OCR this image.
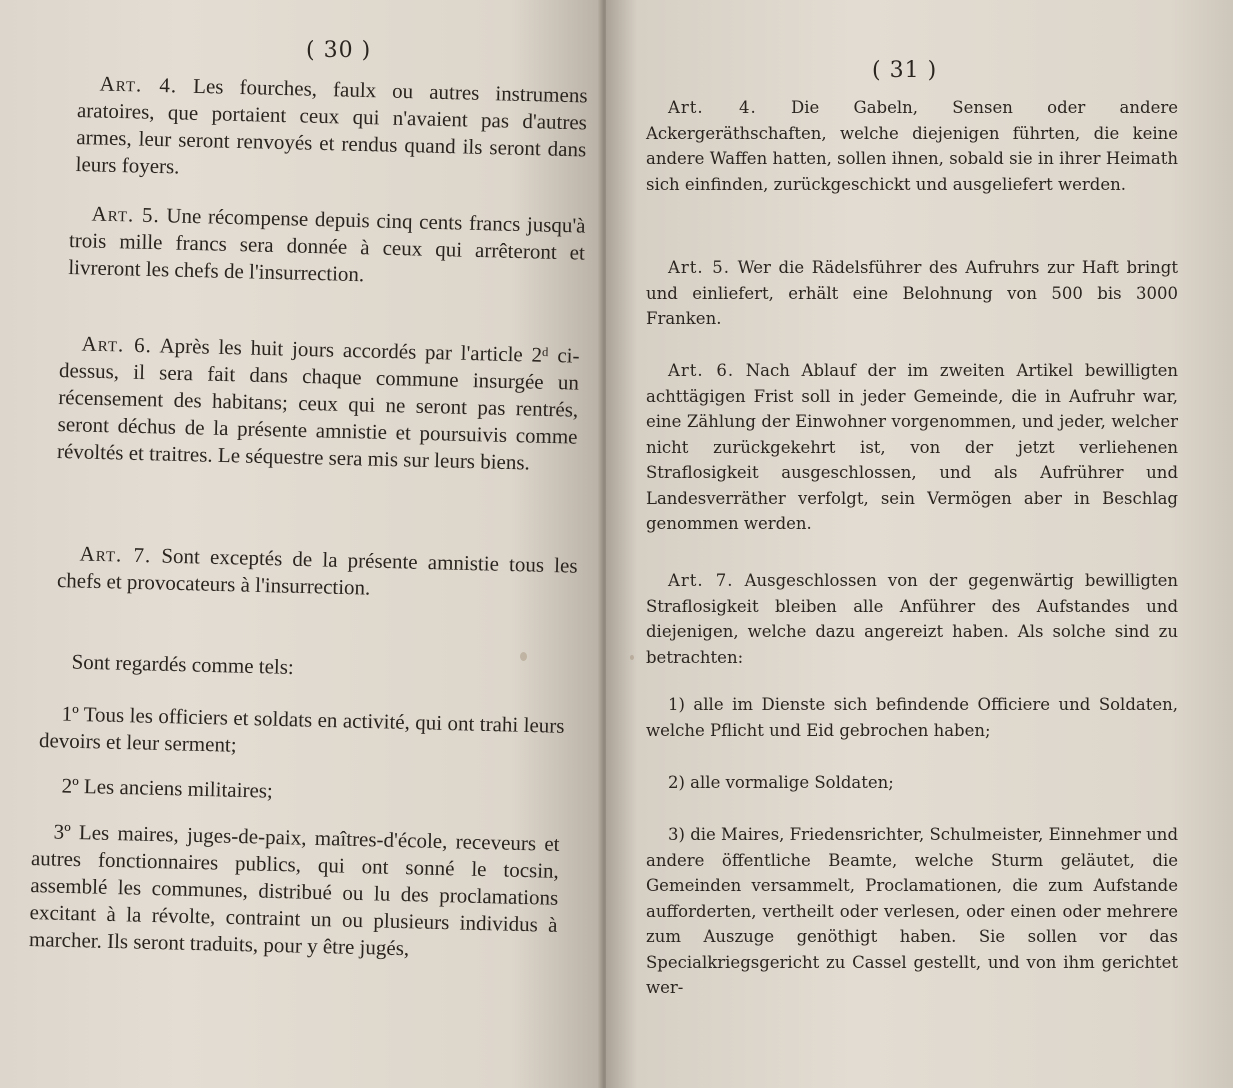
( 30 )
Art. 4. Les fourches, faulx ou autres instrumens aratoires, que portaient ceux qui n'avaient pas d'autres armes, leur seront renvoyés et rendus quand ils seront dans leurs foyers.
Art. 5. Une récompense depuis cinq cents francs jusqu'à trois mille francs sera donnée à ceux qui arrêteront et livreront les chefs de l'insurrection.
Art. 6. Après les huit jours accordés par l'article 2ᵈ ci-dessus, il sera fait dans chaque commune insurgée un récensement des habitans; ceux qui ne seront pas rentrés, seront déchus de la présente amnistie et poursuivis comme révoltés et traitres. Le séquestre sera mis sur leurs biens.
Art. 7. Sont exceptés de la présente amnistie tous les chefs et provocateurs à l'insurrection.
Sont regardés comme tels:
1º Tous les officiers et soldats en activité, qui ont trahi leurs devoirs et leur serment;
2º Les anciens militaires;
3º Les maires, juges-de-paix, maîtres-d'école, receveurs et autres fonctionnaires publics, qui ont sonné le tocsin, assemblé les communes, distribué ou lu des proclamations excitant à la révolte, contraint un ou plusieurs individus à marcher. Ils seront traduits, pour y être jugés,
( 31 )
Art. 4. Die Gabeln, Sensen oder andere Ackergeräthschaften, welche diejenigen führten, die keine andere Waffen hatten, sollen ihnen, sobald sie in ihrer Heimath sich einfinden, zurückgeschickt und ausgeliefert werden.
Art. 5. Wer die Rädelsführer des Aufruhrs zur Haft bringt und einliefert, erhält eine Belohnung von 500 bis 3000 Franken.
Art. 6. Nach Ablauf der im zweiten Artikel bewilligten achttägigen Frist soll in jeder Gemeinde, die in Aufruhr war, eine Zählung der Einwohner vorgenommen, und jeder, welcher nicht zurückgekehrt ist, von der jetzt verliehenen Straflosigkeit ausgeschlossen, und als Aufrührer und Landesverräther verfolgt, sein Vermögen aber in Beschlag genommen werden.
Art. 7. Ausgeschlossen von der gegenwärtig bewilligten Straflosigkeit bleiben alle Anführer des Aufstandes und diejenigen, welche dazu angereizt haben. Als solche sind zu betrachten:
1) alle im Dienste sich befindende Officiere und Soldaten, welche Pflicht und Eid gebrochen haben;
2) alle vormalige Soldaten;
3) die Maires, Friedensrichter, Schulmeister, Einnehmer und andere öffentliche Beamte, welche Sturm geläutet, die Gemeinden versammelt, Proclamationen, die zum Aufstande aufforderten, vertheilt oder verlesen, oder einen oder mehrere zum Auszuge genöthigt haben. Sie sollen vor das Specialkriegsgericht zu Cassel gestellt, und von ihm gerichtet wer-
